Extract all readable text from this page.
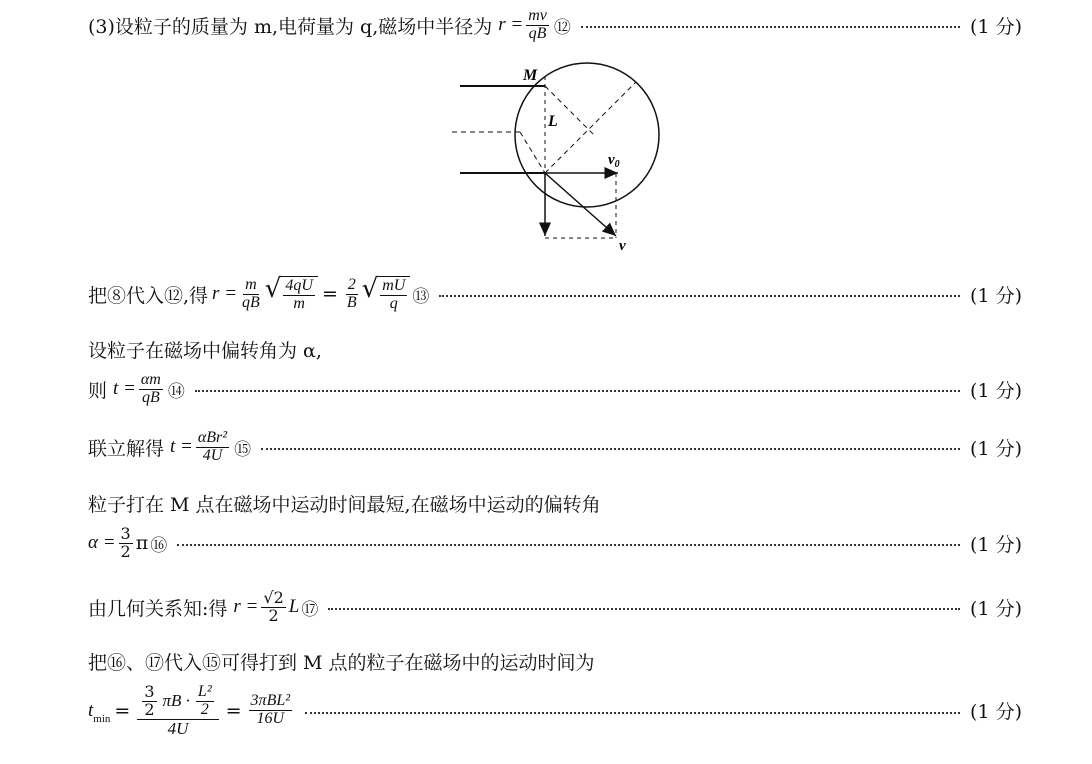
(3)设粒子的质量为 m,电荷量为 q,磁场中半径为 $r = \frac{mv}{qB}$ ⑫	(1 分)
M
L
$v_0$
v
把⑧代入⑫,得 $r = \frac{m}{qB}$ √ $\frac{4qU}{m} = \frac{2}{B}$ √ $\frac{mU}{q}$ ⑬	(1 分)
设粒子在磁场中偏转角为 α,
则 $t = \frac{\alpha m}{qB}$ ⑭	(1 分)
联立解得 $t = \frac{\text{αBr²}}{4U}$ ⑮	(1 分)
粒子打在 M 点在磁场中运动时间最短,在磁场中运动的偏转角
$\alpha = \frac{3}{2}$ π ⑯	(1 分)
由几何关系知:得 $r = \frac{√2}{2}$ L ⑰	(1 分)
把⑯、⑰代入⑮可得打到 M 点的粒子在磁场中的运动时间为
$t_{min} = \frac{3}{2}$ $\pi B \cdot \frac{\text{L²}}{2}$
4U
= $\frac{\text{3πBL²}}{16U}$	(1 分)
